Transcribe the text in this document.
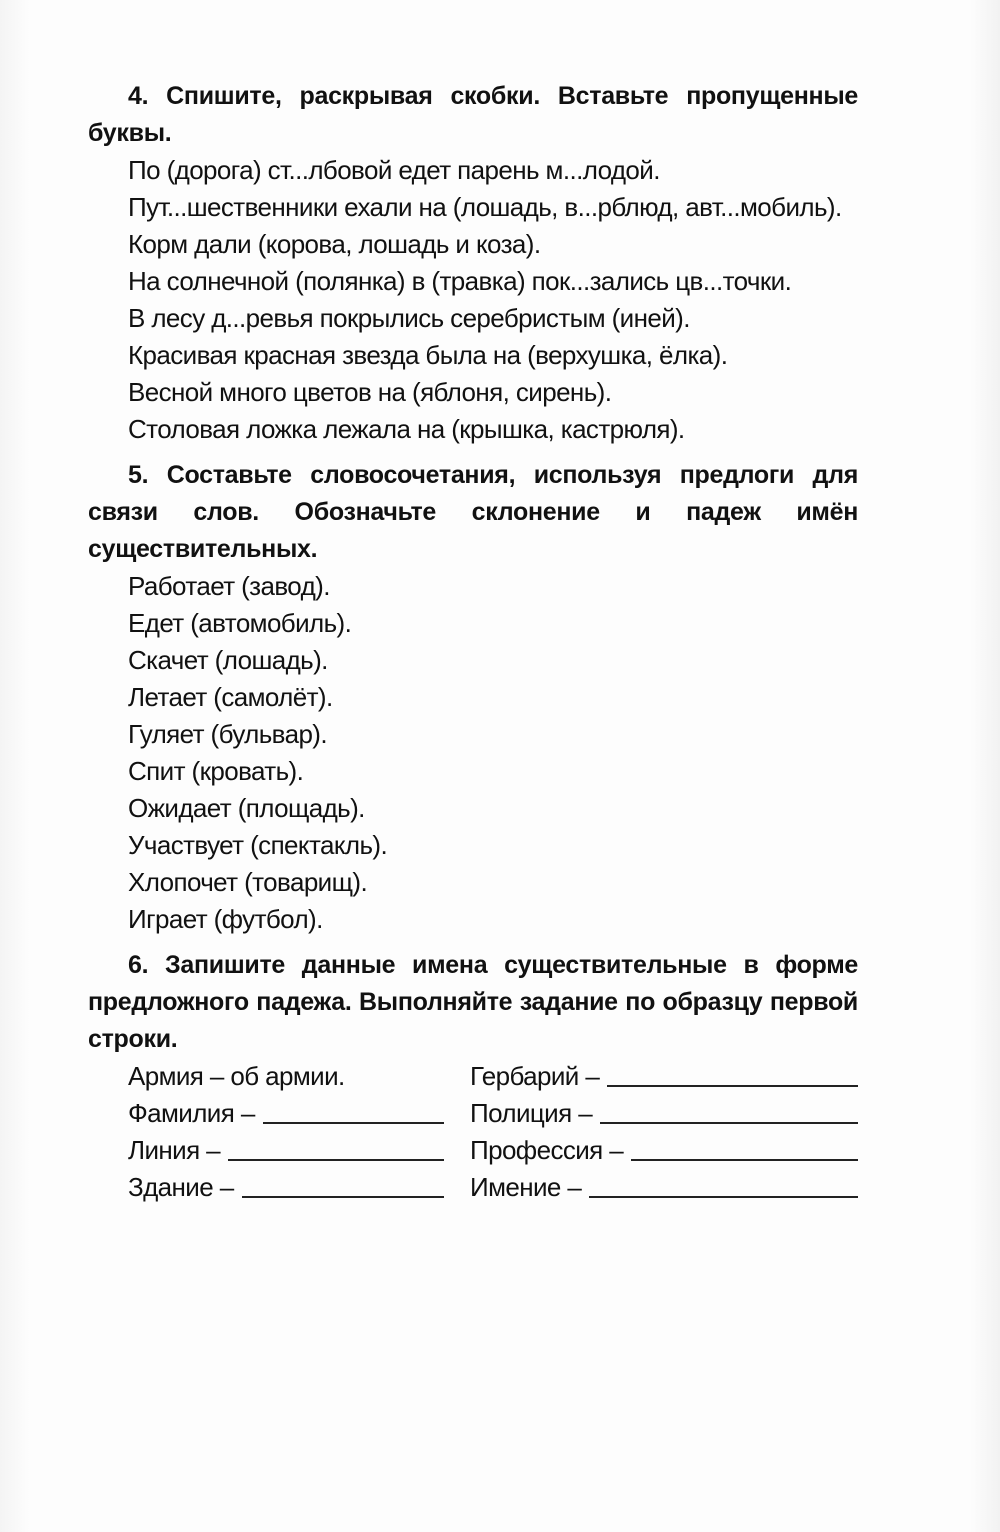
4. Спишите, раскрывая скобки. Вставьте пропущенные буквы.

По (дорога) ст...лбовой едет парень м...лодой.

Пут...шественники ехали на (лошадь, в...рблюд, авт...мобиль).

Корм дали (корова, лошадь и коза).

На солнечной (полянка) в (травка) пок...зались цв...точки.

В лесу д...ревья покрылись серебристым (иней).

Красивая красная звезда была на (верхушка, ёлка).

Весной много цветов на (яблоня, сирень).

Столовая ложка лежала на (крышка, кастрюля).

5. Составьте словосочетания, используя предлоги для связи слов. Обозначьте склонение и падеж имён существительных.

Работает (завод).

Едет (автомобиль).

Скачет (лошадь).

Летает (самолёт).

Гуляет (бульвар).

Спит (кровать).

Ожидает (площадь).

Участвует (спектакль).

Хлопочет (товарищ).

Играет (футбол).

6. Запишите данные имена существительные в форме предложного падежа. Выполняйте задание по образцу первой строки.

Армия – об армии.	Гербарий –
Фамилия –	Полиция –
Линия –	Профессия –
Здание –	Имение –
